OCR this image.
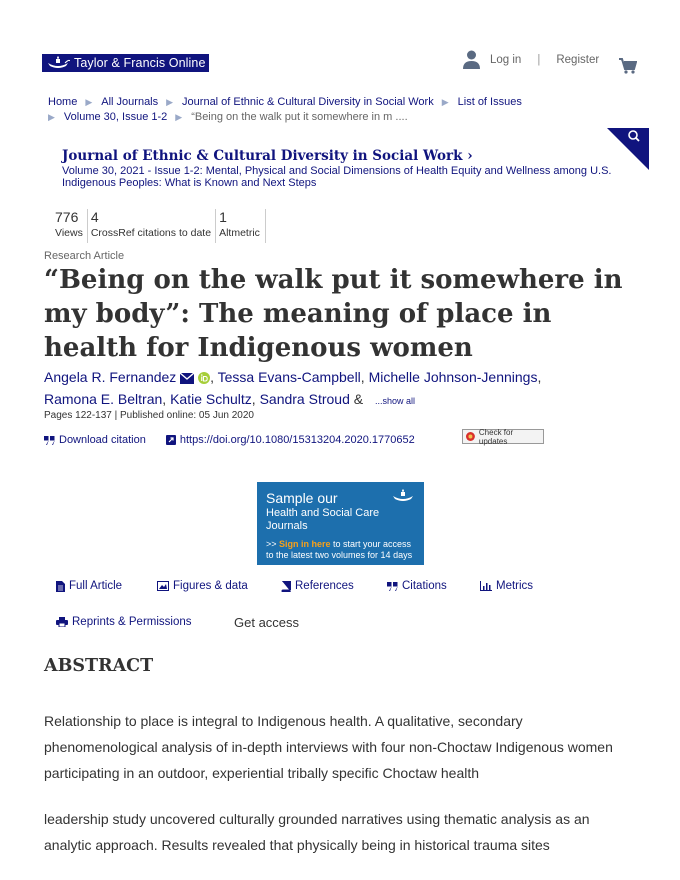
Taylor & Francis Online	Log in | Register
Home ▶ All Journals ▶ Journal of Ethnic & Cultural Diversity in Social Work ▶ List of Issues
▶ Volume 30, Issue 1-2 ▶ “Being on the walk put it somewhere in m ....
Journal of Ethnic & Cultural Diversity in Social Work ›
Volume 30, 2021 - Issue 1-2: Mental, Physical and Social Dimensions of Health Equity and Wellness among U.S. Indigenous Peoples: What is Known and Next Steps
776
Views
4
CrossRef citations to date
1
Altmetric
Research Article
“Being on the walk put it somewhere in my body”: The meaning of place in health for Indigenous women
Angela R. Fernandez , Tessa Evans-Campbell, Michelle Johnson-Jennings,
Ramona E. Beltran, Katie Schultz, Sandra Stroud & ...show all
Pages 122-137 | Published online: 05 Jun 2020
Download citation	https://doi.org/10.1080/15313204.2020.1770652
Check for updates
Sample our
Health and Social Care Journals
>> Sign in here to start your access to the latest two volumes for 14 days
Full Article	Figures & data	References	Citations	Metrics
Reprints & Permissions	Get access
ABSTRACT

Relationship to place is integral to Indigenous health. A qualitative, secondary phenomenological analysis of in-depth interviews with four non-Choctaw Indigenous women participating in an outdoor, experiential tribally specific Choctaw health

leadership study uncovered culturally grounded narratives using thematic analysis as an analytic approach. Results revealed that physically being in historical trauma sites
